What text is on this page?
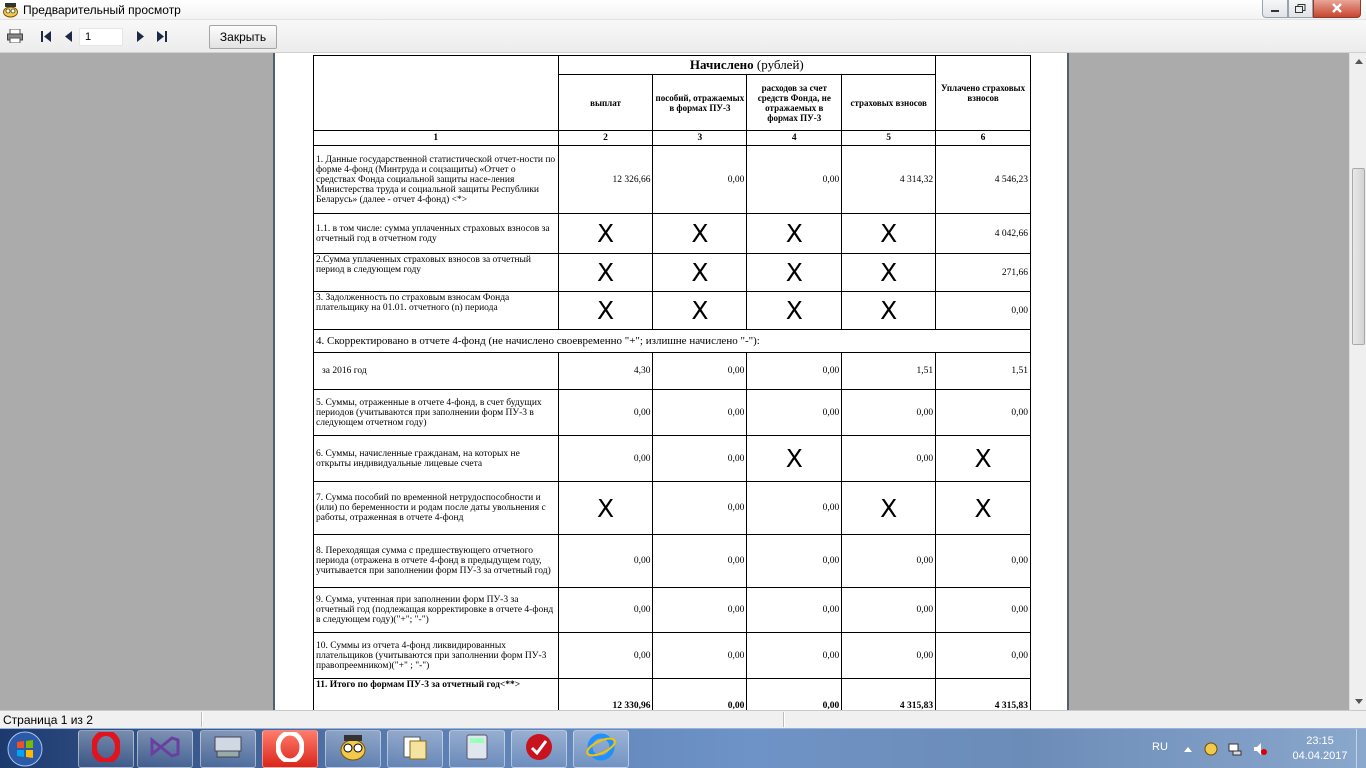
Предварительный просмотр
1
Закрыть
	Начислено (рублей)				Уплачено страховых взносов
	выплат	пособий, отражаемых в формах ПУ-3	расходов за счет средств Фонда, не отражаемых в формах ПУ-3	страховых взносов	
1	2	3	4	5	6
1. Данные государственной статистической отчет-ности по форме 4-фонд (Минтруда и соцзащиты) «Отчет о средствах Фонда социальной защиты насе-ления Министерства труда и социальной защиты Республики Беларусь» (далее - отчет 4-фонд) <*>	12 326,66	0,00	0,00	4 314,32	4 546,23
1.1. в том числе: сумма уплаченных страховых взносов за отчетный год в отчетном году	X	X	X	X	4 042,66
2.Сумма уплаченных страховых взносов за отчетный период в следующем году	X	X	X	X	271,66
3. Задолженность по страховым взносам Фонда плательщику на 01.01. отчетного (n) периода	X	X	X	X	0,00
4. Скорректировано в отчете 4-фонд (не начислено своевременно "+"; излишне начислено "-"):					
за 2016 год	4,30	0,00	0,00	1,51	1,51
5. Суммы, отраженные в отчете 4-фонд, в счет будущих периодов (учитываются при заполнении форм ПУ-3 в следующем отчетном году)	0,00	0,00	0,00	0,00	0,00
6. Суммы, начисленные гражданам, на которых не открыты индивидуальные лицевые счета	0,00	0,00	X	0,00	X
7. Сумма пособий по временной нетрудоспособности и (или) по беременности и родам после даты увольнения с работы, отраженная в отчете 4-фонд	X	0,00	0,00	X	X
8. Переходящая сумма с предшествующего отчетного периода (отражена в отчете 4-фонд в предыдущем году, учитывается при заполнении форм ПУ-3 за отчетный год)	0,00	0,00	0,00	0,00	0,00
9. Сумма, учтенная при заполнении форм ПУ-3 за отчетный год (подлежащая корректировке в отчете 4-фонд в следующем году)("+"; "-")	0,00	0,00	0,00	0,00	0,00
10. Суммы из отчета 4-фонд ликвидированных плательщиков (учитываются при заполнении форм ПУ-3 правопреемником)("+" ; "-")	0,00	0,00	0,00	0,00	0,00
11. Итого по формам ПУ-3 за отчетный год<**>	12 330,96	0,00	0,00	4 315,83	4 315,83
Страница 1 из 2
RU	23:15
04.04.2017
